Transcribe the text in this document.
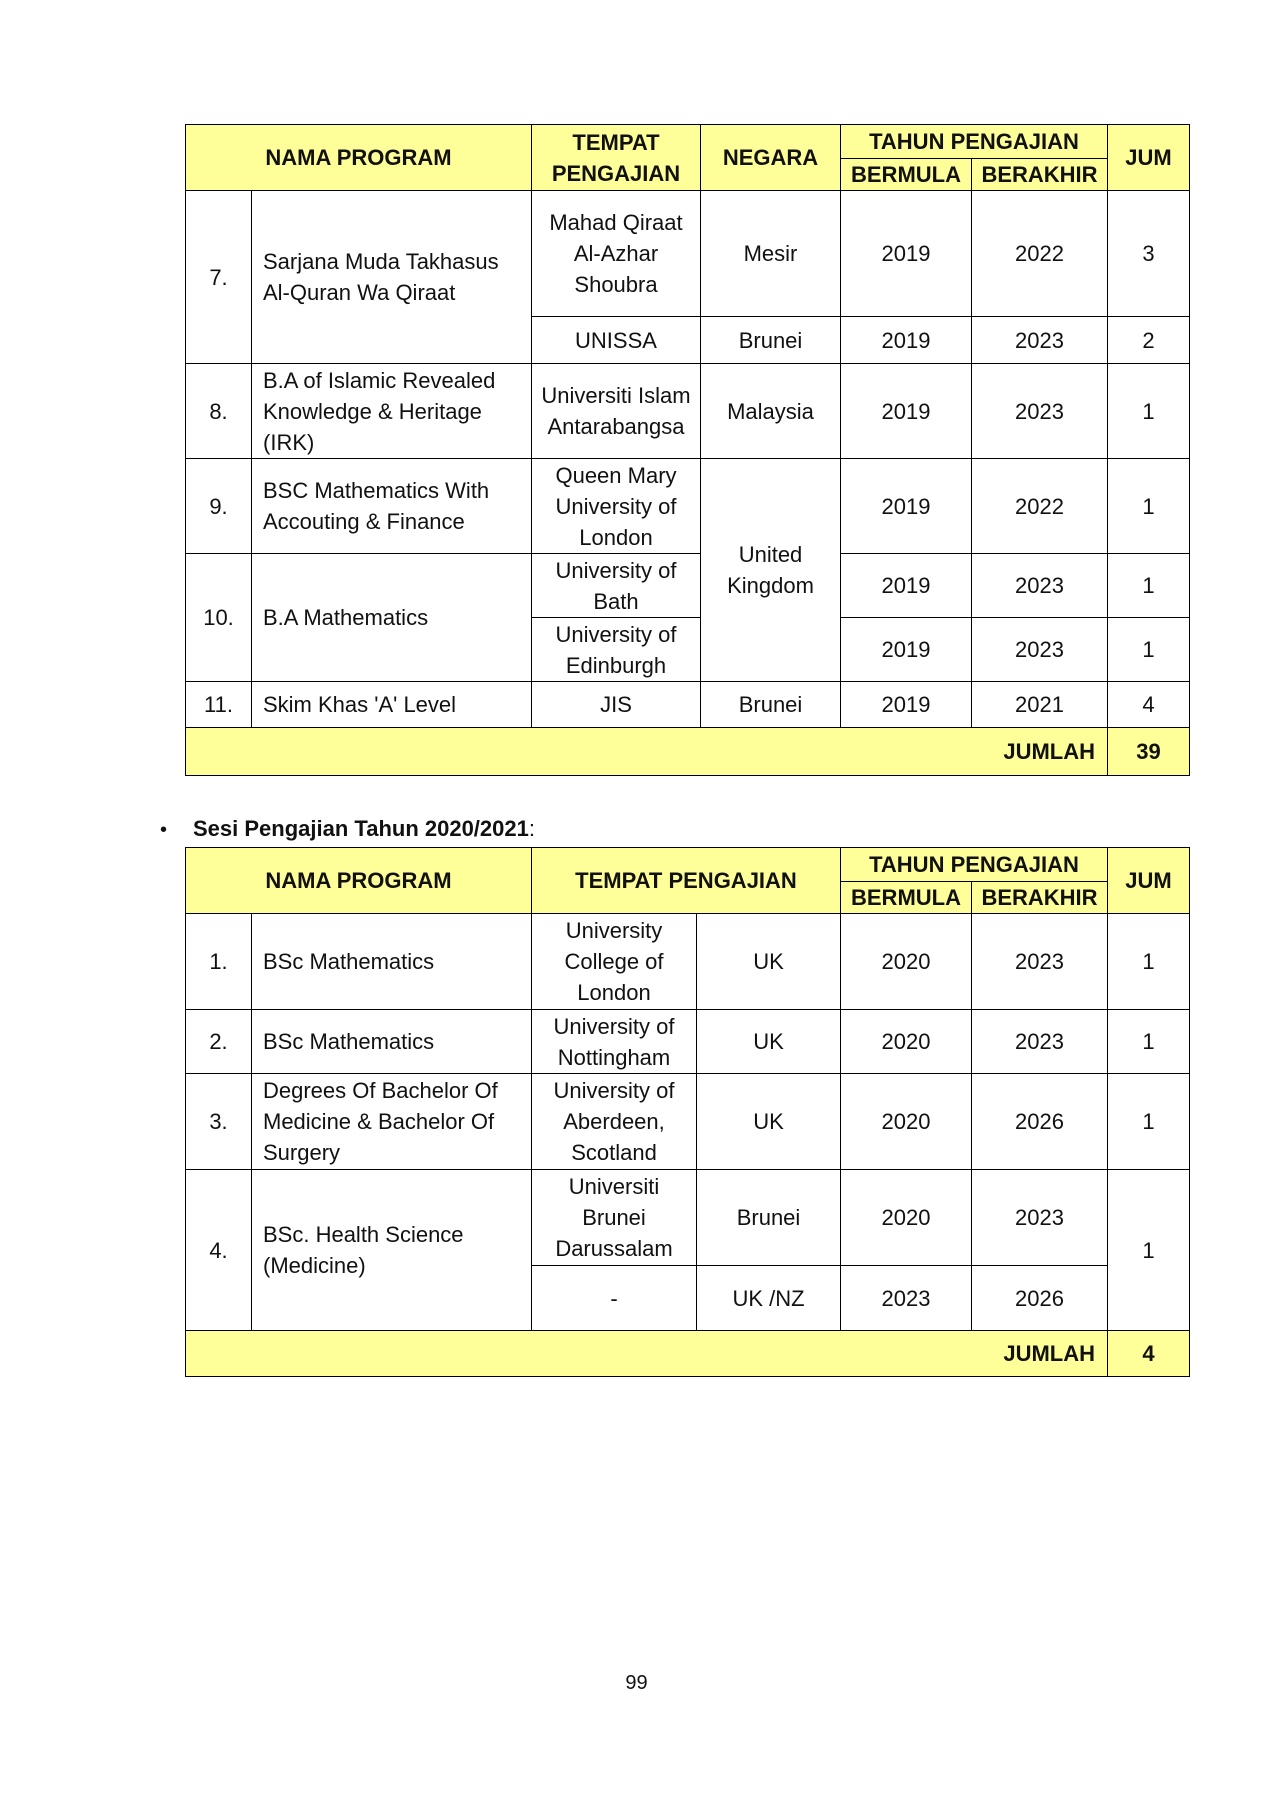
NAMA PROGRAM		TEMPAT PENGAJIAN	NEGARA	TAHUN PENGAJIAN		JUM
				BERMULA	BERAKHIR	
7.	Sarjana Muda Takhasus Al-Quran Wa Qiraat	Mahad Qiraat Al-Azhar Shoubra	Mesir	2019	2022	3
		UNISSA	Brunei	2019	2023	2
8.	B.A of Islamic Revealed Knowledge & Heritage (IRK)	Universiti Islam Antarabangsa	Malaysia	2019	2023	1
9.	BSC Mathematics With Accouting & Finance	Queen Mary University of London	United Kingdom	2019	2022	1
10.	B.A Mathematics	University of Bath		2019	2023	1
		University of Edinburgh		2019	2023	1
11.	Skim Khas 'A' Level	JIS	Brunei	2019	2021	4
JUMLAH						39
• Sesi Pengajian Tahun 2020/2021:
NAMA PROGRAM		TEMPAT PENGAJIAN		TAHUN PENGAJIAN		JUM
				BERMULA	BERAKHIR	
1.	BSc Mathematics	University College of London	UK	2020	2023	1
2.	BSc Mathematics	University of Nottingham	UK	2020	2023	1
3.	Degrees Of Bachelor Of Medicine & Bachelor Of Surgery	University of Aberdeen, Scotland	UK	2020	2026	1
4.	BSc. Health Science (Medicine)	Universiti Brunei Darussalam	Brunei	2020	2023	1
		-	UK /NZ	2023	2026	
JUMLAH						4
99
